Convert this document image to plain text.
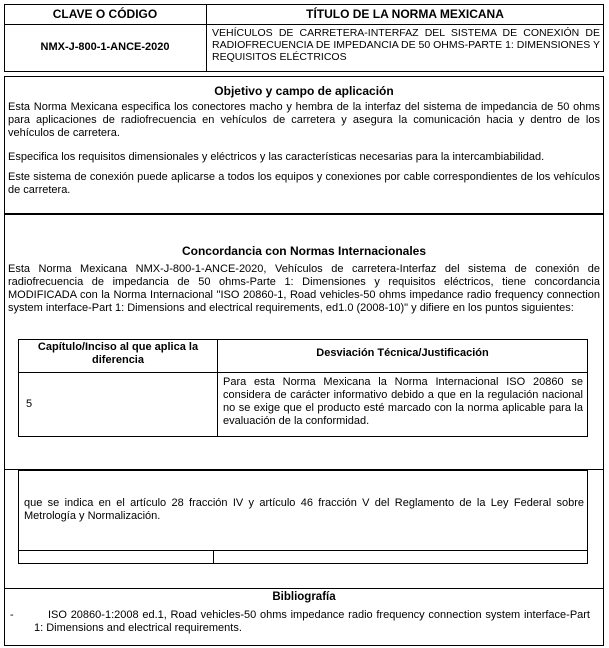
CLAVE O CÓDIGO	TÍTULO DE LA NORMA MEXICANA
NMX-J-800-1-ANCE-2020
VEHÍCULOS DE CARRETERA-INTERFAZ DEL SISTEMA DE CONEXIÓN DE RADIOFRECUENCIA DE IMPEDANCIA DE 50 OHMS-PARTE 1: DIMENSIONES Y REQUISITOS ELÉCTRICOS
Objetivo y campo de aplicación
Esta Norma Mexicana especifica los conectores macho y hembra de la interfaz del sistema de impedancia de 50 ohms para aplicaciones de radiofrecuencia en vehículos de carretera y asegura la comunicación hacia y dentro de los vehículos de carretera.
Especifica los requisitos dimensionales y eléctricos y las características necesarias para la intercambiabilidad.
Este sistema de conexión puede aplicarse a todos los equipos y conexiones por cable correspondientes de los vehículos de carretera.
Concordancia con Normas Internacionales
Esta Norma Mexicana NMX-J-800-1-ANCE-2020, Vehículos de carretera-Interfaz del sistema de conexión de radiofrecuencia de impedancia de 50 ohms-Parte 1: Dimensiones y requisitos eléctricos, tiene concordancia MODIFICADA con la Norma Internacional "ISO 20860-1, Road vehicles-50 ohms impedance radio frequency connection system interface-Part 1: Dimensions and electrical requirements, ed1.0 (2008-10)" y difiere en los puntos siguientes:
Capítulo/Inciso al que aplica la diferencia
Desviación Técnica/Justificación
5
Para esta Norma Mexicana la Norma Internacional ISO 20860 se considera de carácter informativo debido a que en la regulación nacional no se exige que el producto esté marcado con la norma aplicable para la evaluación de la conformidad.
que se indica en el artículo 28 fracción IV y artículo 46 fracción V del Reglamento de la Ley Federal sobre Metrología y Normalización.
Bibliografía
-	ISO 20860-1:2008 ed.1, Road vehicles-50 ohms impedance radio frequency connection system interface-Part 1: Dimensions and electrical requirements.
